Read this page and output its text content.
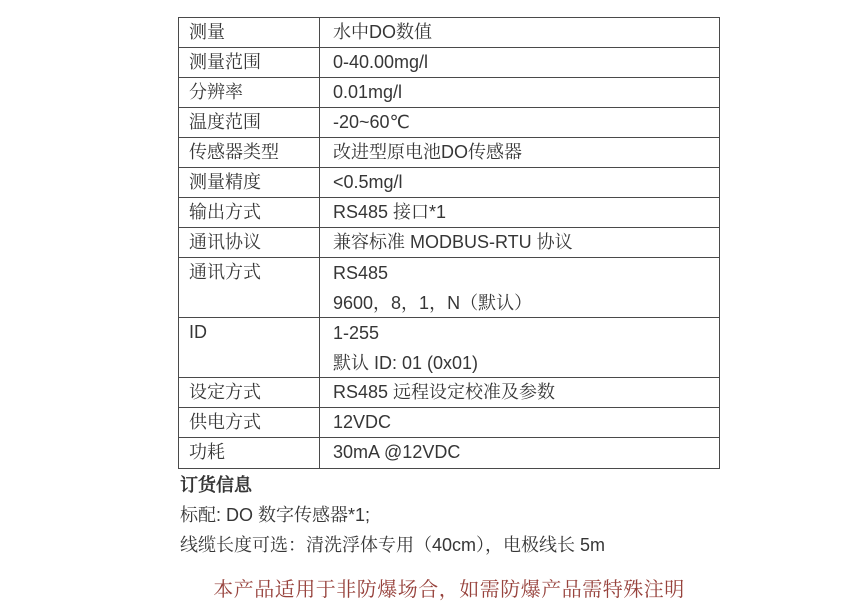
测量	水中DO数值
测量范围	0-40.00mg/l
分辨率	0.01mg/l
温度范围	-20~60℃
传感器类型	改进型原电池DO传感器
测量精度	<0.5mg/l
输出方式	RS485 接口*1
通讯协议	兼容标准 MODBUS-RTU 协议
通讯方式	RS485
9600，8，1，N（默认）
ID	1-255
默认 ID: 01 (0x01)
设定方式	RS485 远程设定校准及参数
供电方式	12VDC
功耗	30mA @12VDC
订货信息
标配: DO 数字传感器*1;
线缆长度可选：清洗浮体专用（40cm），电极线长 5m
本产品适用于非防爆场合，如需防爆产品需特殊注明
